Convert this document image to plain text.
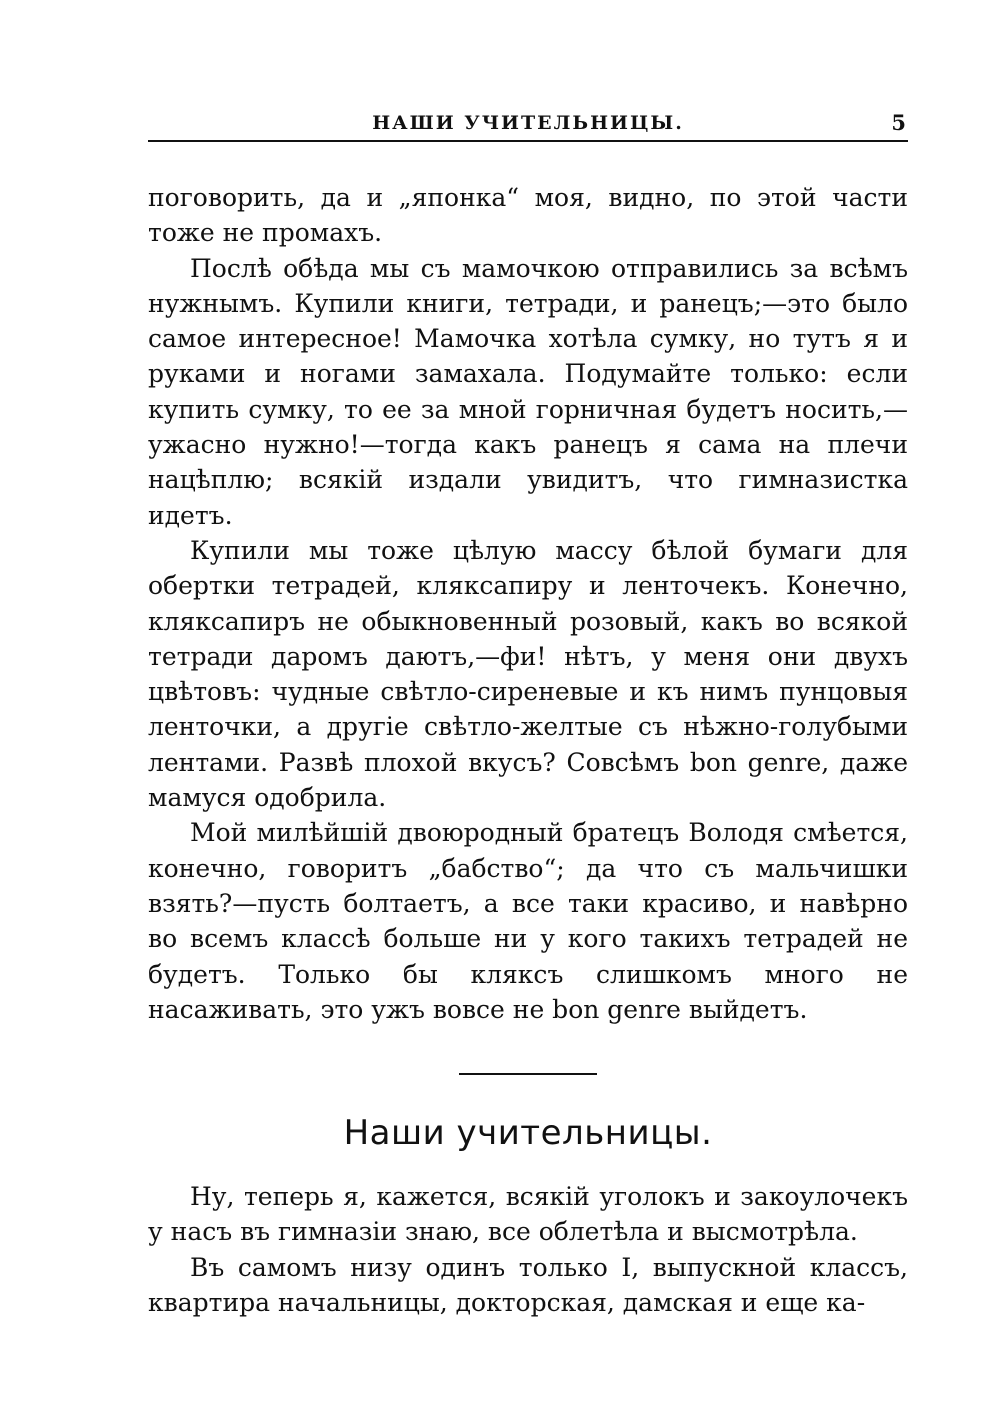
НАШИ УЧИТЕЛЬНИЦЫ.	5

поговорить, да и „японка“ моя, видно, по этой части тоже не промахъ.

Послѣ обѣда мы съ мамочкою отправились за всѣмъ нужнымъ. Купили книги, тетради, и ранецъ;—это было самое интересное! Мамочка хотѣла сумку, но тутъ я и руками и ногами замахала. Подумайте только: если купить сумку, то ее за мной горничная будетъ носить,—ужасно нужно!—тогда какъ ранецъ я сама на плечи нацѣплю; всякій издали увидитъ, что гимназистка идетъ.

Купили мы тоже цѣлую массу бѣлой бумаги для обертки тетрадей, кляксапиру и ленточекъ. Конечно, кляксапиръ не обыкновенный розовый, какъ во всякой тетради даромъ даютъ,—фи! нѣтъ, у меня они двухъ цвѣтовъ: чудные свѣтло-сиреневые и къ нимъ пунцовыя ленточки, а другіе свѣтло-желтые съ нѣжно-голубыми лентами. Развѣ плохой вкусъ? Совсѣмъ bon genre, даже мамуся одобрила.

Мой милѣйшій двоюродный братецъ Володя смѣется, конечно, говоритъ „бабство“; да что съ мальчишки взять?—пусть болтаетъ, а все таки красиво, и навѣрно во всемъ классѣ больше ни у кого такихъ тетрадей не будетъ. Только бы кляксъ слишкомъ много не насаживать, это ужъ вовсе не bon genre выйдетъ.

Наши учительницы.

Ну, теперь я, кажется, всякій уголокъ и закоулочекъ у насъ въ гимназіи знаю, все облетѣла и высмотрѣла.

Въ самомъ низу одинъ только I, выпускной классъ, квартира начальницы, докторская, дамская и еще ка-
